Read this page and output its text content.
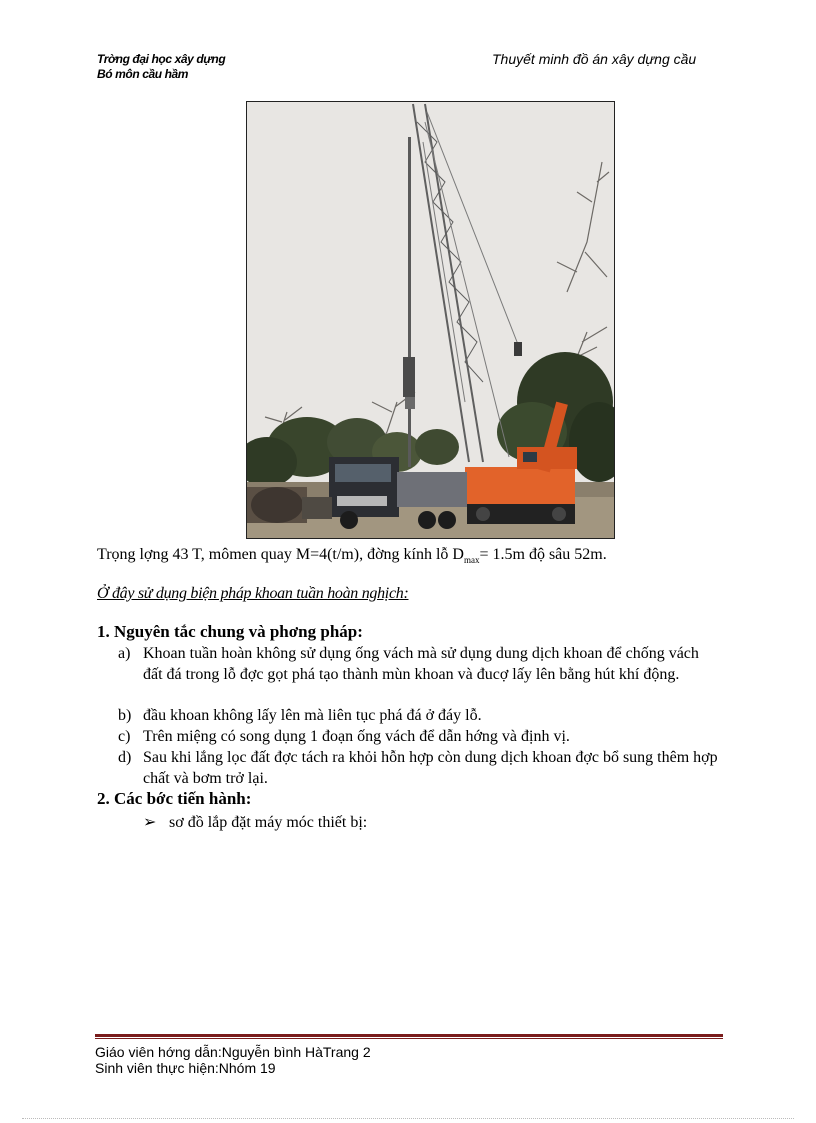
Trờng đại học xây dựng
Bó môn cầu hầm
Thuyết minh đồ án xây dựng cầu
Trọng lợng 43 T, mômen quay M=4(t/m), đờng kính lỗ $D_{max}= 1.5m$ độ sâu 52m.
Ở đây sử dụng biện pháp khoan tuần hoàn nghịch:
1. Nguyên tắc chung và phơng pháp:
a) Khoan tuần hoàn không sử dụng ống vách mà sử dụng dung dịch khoan để chống vách đất đá trong lỗ đợc gọt phá tạo thành mùn khoan và đucợ lấy lên bằng hút khí động.
b) đầu khoan không lấy lên mà liên tục phá đá ở đáy lỗ.
c) Trên miệng có song dụng 1 đoạn ống vách để dẫn hớng và định vị.
d) Sau khi lắng lọc đất đợc tách ra khỏi hỗn hợp còn dung dịch khoan đợc bổ sung thêm hợp chất và bơm trở lại.
2. Các bớc tiến hành:
➢ sơ đồ lắp đặt máy móc thiết bị:
Giáo viên hớng dẫn:Nguyễn bình HàTrang 2
Sinh viên thực hiện:Nhóm 19
